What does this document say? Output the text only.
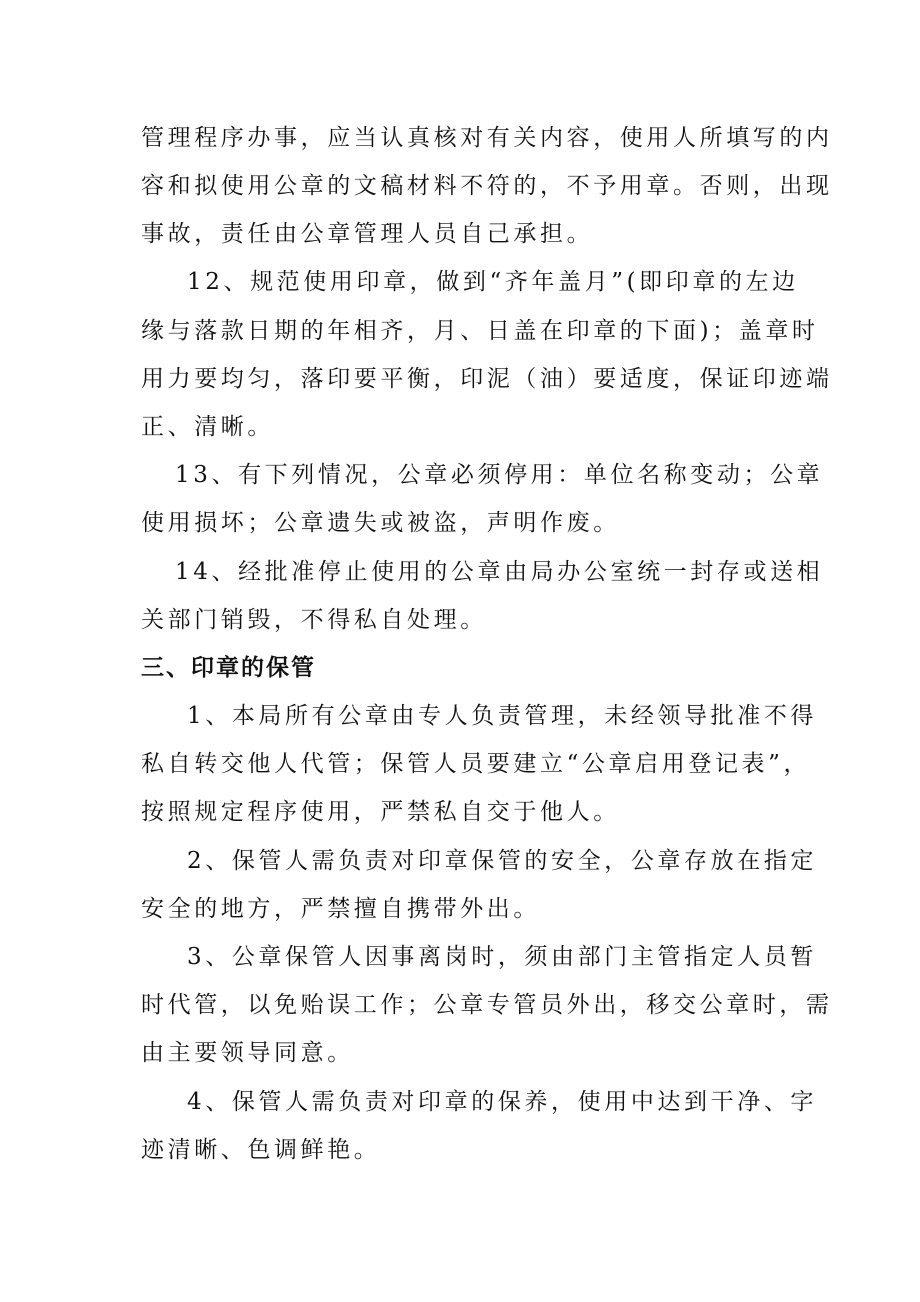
管理程序办事，应当认真核对有关内容，使用人所填写的内
容和拟使用公章的文稿材料不符的，不予用章。否则，出现
事故，责任由公章管理人员自己承担。
12、规范使用印章，做到“齐年盖月”(即印章的左边
缘与落款日期的年相齐，月、日盖在印章的下面)；盖章时
用力要均匀，落印要平衡，印泥（油）要适度，保证印迹端
正、清晰。
13、有下列情况，公章必须停用：单位名称变动；公章
使用损坏；公章遗失或被盗，声明作废。
14、经批准停止使用的公章由局办公室统一封存或送相
关部门销毁，不得私自处理。
三、印章的保管
1、本局所有公章由专人负责管理，未经领导批准不得
私自转交他人代管；保管人员要建立“公章启用登记表”，
按照规定程序使用，严禁私自交于他人。
2、保管人需负责对印章保管的安全，公章存放在指定
安全的地方，严禁擅自携带外出。
3、公章保管人因事离岗时，须由部门主管指定人员暂
时代管，以免贻误工作；公章专管员外出，移交公章时，需
由主要领导同意。
4、保管人需负责对印章的保养，使用中达到干净、字
迹清晰、色调鲜艳。
